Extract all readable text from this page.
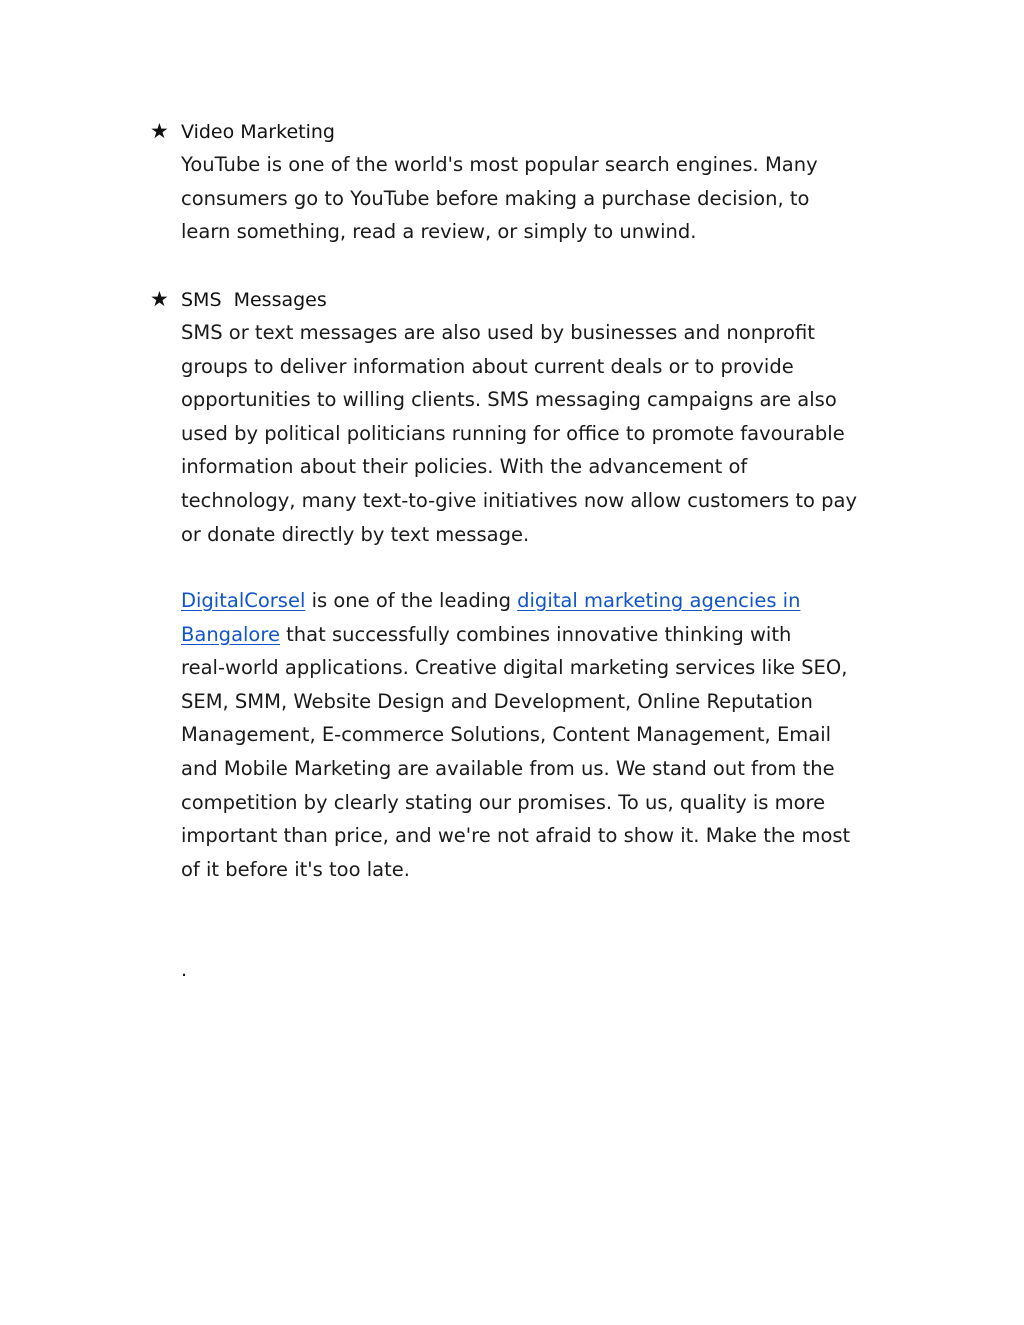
★ Video Marketing
YouTube is one of the world's most popular search engines. Many
consumers go to YouTube before making a purchase decision, to
learn something, read a review, or simply to unwind.
★ SMS  Messages
SMS or text messages are also used by businesses and nonprofit
groups to deliver information about current deals or to provide
opportunities to willing clients. SMS messaging campaigns are also
used by political politicians running for office to promote favourable
information about their policies. With the advancement of
technology, many text-to-give initiatives now allow customers to pay
or donate directly by text message.
DigitalCorsel is one of the leading digital marketing agencies in
Bangalore that successfully combines innovative thinking with
real-world applications. Creative digital marketing services like SEO,
SEM, SMM, Website Design and Development, Online Reputation
Management, E-commerce Solutions, Content Management, Email
and Mobile Marketing are available from us. We stand out from the
competition by clearly stating our promises. To us, quality is more
important than price, and we're not afraid to show it. Make the most
of it before it's too late.
.
